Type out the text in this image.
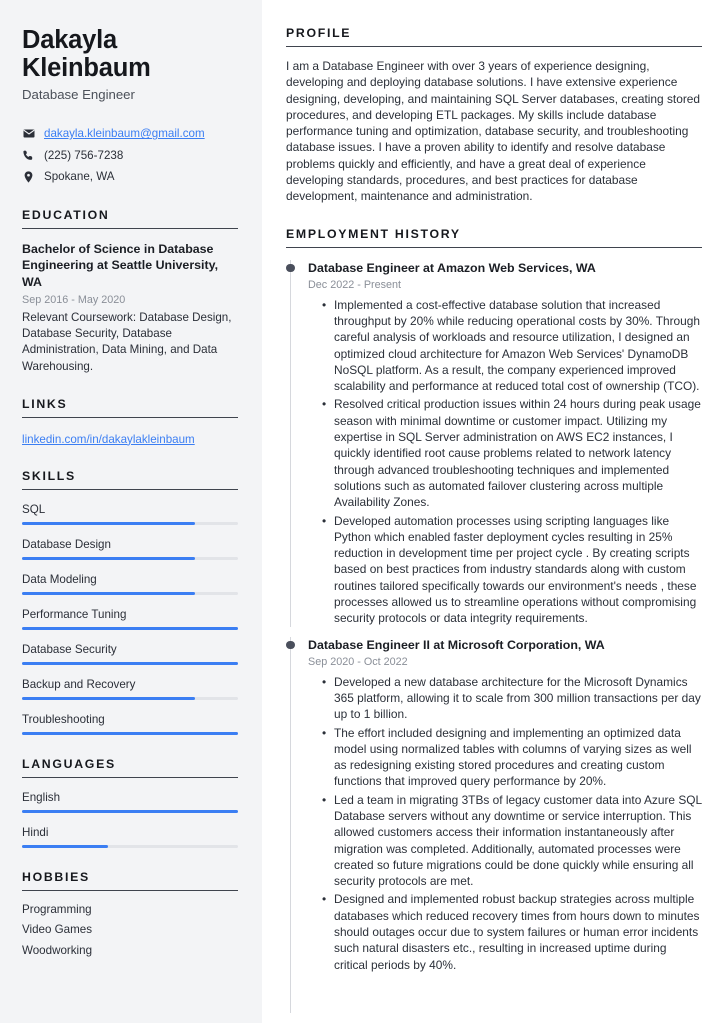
Dakayla Kleinbaum
Database Engineer
dakayla.kleinbaum@gmail.com
(225) 756-7238
Spokane, WA
EDUCATION
Bachelor of Science in Database Engineering at Seattle University, WA
Sep 2016 - May 2020
Relevant Coursework: Database Design, Database Security, Database Administration, Data Mining, and Data Warehousing.
LINKS
linkedin.com/in/dakaylakleinbaum
SKILLS
SQL
Database Design
Data Modeling
Performance Tuning
Database Security
Backup and Recovery
Troubleshooting
LANGUAGES
English
Hindi
HOBBIES
Programming
Video Games
Woodworking
PROFILE

I am a Database Engineer with over 3 years of experience designing, developing and deploying database solutions. I have extensive experience designing, developing, and maintaining SQL Server databases, creating stored procedures, and developing ETL packages. My skills include database performance tuning and optimization, database security, and troubleshooting database issues. I have a proven ability to identify and resolve database problems quickly and efficiently, and have a great deal of experience developing standards, procedures, and best practices for database development, maintenance and administration.

EMPLOYMENT HISTORY
Database Engineer at Amazon Web Services, WA
Dec 2022 - Present
• Implemented a cost-effective database solution that increased throughput by 20% while reducing operational costs by 30%. Through careful analysis of workloads and resource utilization, I designed an optimized cloud architecture for Amazon Web Services' DynamoDB NoSQL platform. As a result, the company experienced improved scalability and performance at reduced total cost of ownership (TCO).
• Resolved critical production issues within 24 hours during peak usage season with minimal downtime or customer impact. Utilizing my expertise in SQL Server administration on AWS EC2 instances, I quickly identified root cause problems related to network latency through advanced troubleshooting techniques and implemented solutions such as automated failover clustering across multiple Availability Zones.
• Developed automation processes using scripting languages like Python which enabled faster deployment cycles resulting in 25% reduction in development time per project cycle . By creating scripts based on best practices from industry standards along with custom routines tailored specifically towards our environment's needs , these processes allowed us to streamline operations without compromising security protocols or data integrity requirements.
Database Engineer II at Microsoft Corporation, WA
Sep 2020 - Oct 2022
• Developed a new database architecture for the Microsoft Dynamics 365 platform, allowing it to scale from 300 million transactions per day up to 1 billion.
• The effort included designing and implementing an optimized data model using normalized tables with columns of varying sizes as well as redesigning existing stored procedures and creating custom functions that improved query performance by 20%.
• Led a team in migrating 3TBs of legacy customer data into Azure SQL Database servers without any downtime or service interruption. This allowed customers access their information instantaneously after migration was completed. Additionally, automated processes were created so future migrations could be done quickly while ensuring all security protocols are met.
• Designed and implemented robust backup strategies across multiple databases which reduced recovery times from hours down to minutes should outages occur due to system failures or human error incidents such natural disasters etc., resulting in increased uptime during critical periods by 40%.
